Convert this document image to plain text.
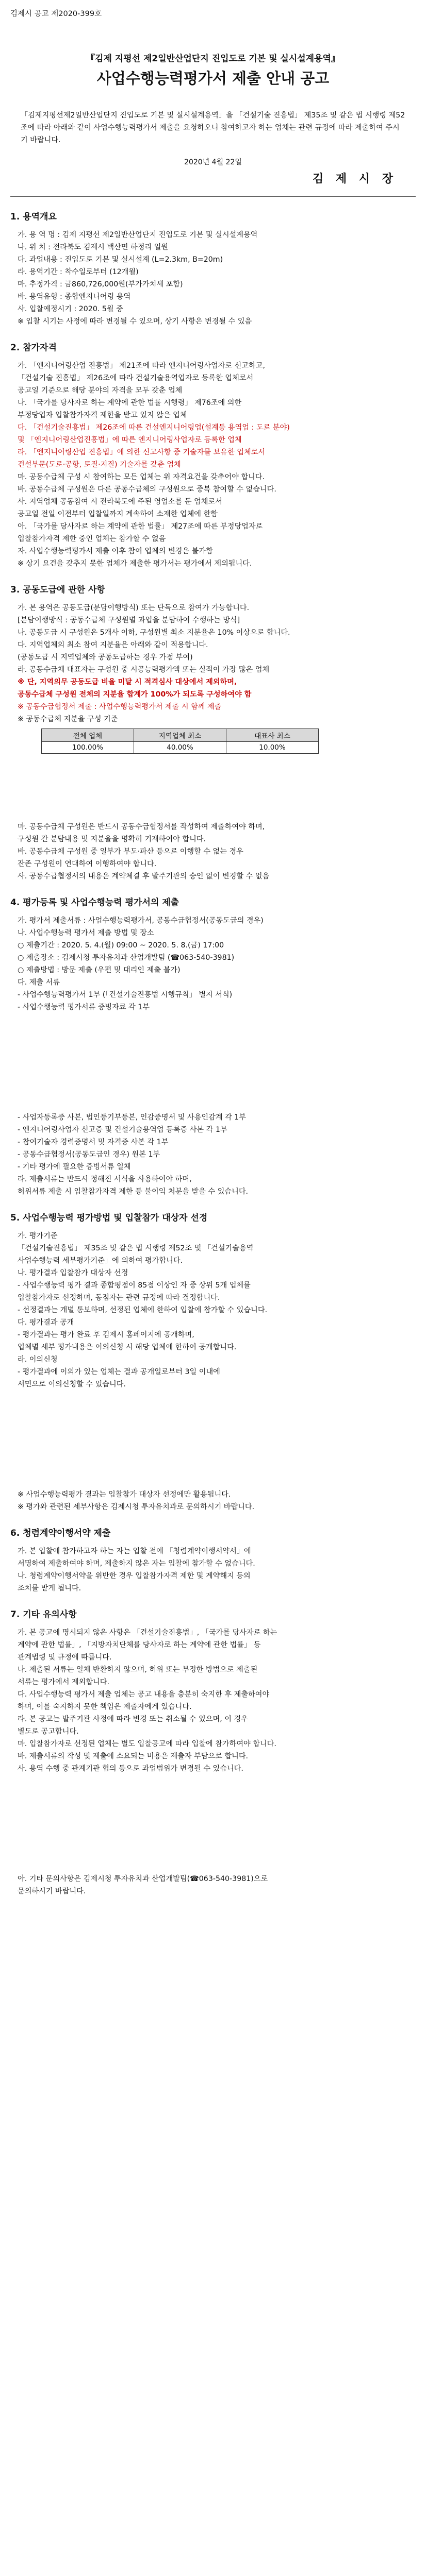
김제시 공고 제2020-399호

『김제 지평선 제2일반산업단지 진입도로 기본 및 실시설계용역』

사업수행능력평가서 제출 안내 공고

「김제지평선제2일반산업단지 진입도로 기본 및 실시설계용역」을 「건설기술 진흥법」 제35조 및 같은 법 시행령 제52조에 따라 아래와 같이 사업수행능력평가서 제출을 요청하오니 참여하고자 하는 업체는 관련 규정에 따라 제출하여 주시기 바랍니다.

2020년 4월 22일
김 제 시 장
1. 용역개요
가. 용 역 명 : 김제 지평선 제2일반산업단지 진입도로 기본 및 실시설계용역
나. 위 치 : 전라북도 김제시 백산면 하정리 일원
다. 과업내용 : 진입도로 기본 및 실시설계 (L=2.3km, B=20m)
라. 용역기간 : 착수일로부터 (12개월)
마. 추정가격 : 금860,726,000원(부가가치세 포함)
바. 용역유형 : 종합엔지니어링 용역
사. 입찰예정시기 : 2020. 5월 중
※ 입찰 시기는 사정에 따라 변경될 수 있으며, 상기 사항은 변경될 수 있음
2. 참가자격
가. 「엔지니어링산업 진흥법」 제21조에 따라 엔지니어링사업자로 신고하고,
「건설기술 진흥법」 제26조에 따라 건설기술용역업자로 등록한 업체로서
공고일 기준으로 해당 분야의 자격을 모두 갖춘 업체
나. 「국가를 당사자로 하는 계약에 관한 법률 시행령」 제76조에 의한
부정당업자 입찰참가자격 제한을 받고 있지 않은 업체
다. 「건설기술진흥법」 제26조에 따른 건설엔지니어링업(설계등 용역업 : 도로 분야)
및 「엔지니어링산업진흥법」에 따른 엔지니어링사업자로 등록한 업체
라. 「엔지니어링산업 진흥법」에 의한 신고사항 중 기술자를 보유한 업체로서
건설부문(도로·공항, 토질·지질) 기술자를 갖춘 업체
마. 공동수급체 구성 시 참여하는 모든 업체는 위 자격요건을 갖추어야 합니다.
바. 공동수급체 구성원은 다른 공동수급체의 구성원으로 중복 참여할 수 없습니다.
사. 지역업체 공동참여 시 전라북도에 주된 영업소를 둔 업체로서
공고일 전일 이전부터 입찰일까지 계속하여 소재한 업체에 한함
아. 「국가를 당사자로 하는 계약에 관한 법률」 제27조에 따른 부정당업자로
입찰참가자격 제한 중인 업체는 참가할 수 없음
자. 사업수행능력평가서 제출 이후 참여 업체의 변경은 불가함
※ 상기 요건을 갖추지 못한 업체가 제출한 평가서는 평가에서 제외됩니다.
3. 공동도급에 관한 사항
가. 본 용역은 공동도급(분담이행방식) 또는 단독으로 참여가 가능합니다.
[분담이행방식 : 공동수급체 구성원별 과업을 분담하여 수행하는 방식]
나. 공동도급 시 구성원은 5개사 이하, 구성원별 최소 지분율은 10% 이상으로 합니다.
다. 지역업체의 최소 참여 지분율은 아래와 같이 적용합니다.
(공동도급 시 지역업체와 공동도급하는 경우 가점 부여)
라. 공동수급체 대표자는 구성원 중 시공능력평가액 또는 실적이 가장 많은 업체
※ 단, 지역의무 공동도급 비율 미달 시 적격심사 대상에서 제외하며,
공동수급체 구성원 전체의 지분율 합계가 100%가 되도록 구성하여야 함
※ 공동수급협정서 제출 : 사업수행능력평가서 제출 시 함께 제출
※ 공동수급체 지분율 구성 기준
전체 업체	지역업체 최소	대표사 최소
100.00%	40.00%	10.00%
마. 공동수급체 구성원은 반드시 공동수급협정서를 작성하여 제출하여야 하며,
구성원 간 분담내용 및 지분율을 명확히 기재하여야 합니다.
바. 공동수급체 구성원 중 일부가 부도·파산 등으로 이행할 수 없는 경우
잔존 구성원이 연대하여 이행하여야 합니다.
사. 공동수급협정서의 내용은 계약체결 후 발주기관의 승인 없이 변경할 수 없음
4. 평가등록 및 사업수행능력 평가서의 제출
가. 평가서 제출서류 : 사업수행능력평가서, 공동수급협정서(공동도급의 경우)
나. 사업수행능력 평가서 제출 방법 및 장소
○ 제출기간 : 2020. 5. 4.(월) 09:00 ~ 2020. 5. 8.(금) 17:00
○ 제출장소 : 김제시청 투자유치과 산업개발팀 (☎063-540-3981)
○ 제출방법 : 방문 제출 (우편 및 대리인 제출 불가)
다. 제출 서류
- 사업수행능력평가서 1부 (「건설기술진흥법 시행규칙」 별지 서식)
- 사업수행능력 평가서류 증빙자료 각 1부
- 사업자등록증 사본, 법인등기부등본, 인감증명서 및 사용인감계 각 1부
- 엔지니어링사업자 신고증 및 건설기술용역업 등록증 사본 각 1부
- 참여기술자 경력증명서 및 자격증 사본 각 1부
- 공동수급협정서(공동도급인 경우) 원본 1부
- 기타 평가에 필요한 증빙서류 일체
라. 제출서류는 반드시 정해진 서식을 사용하여야 하며,
허위서류 제출 시 입찰참가자격 제한 등 불이익 처분을 받을 수 있습니다.
5. 사업수행능력 평가방법 및 입찰참가 대상자 선정
가. 평가기준
「건설기술진흥법」 제35조 및 같은 법 시행령 제52조 및 「건설기술용역
사업수행능력 세부평가기준」에 의하여 평가합니다.
나. 평가결과 입찰참가 대상자 선정
- 사업수행능력 평가 결과 종합평점이 85점 이상인 자 중 상위 5개 업체를
입찰참가자로 선정하며, 동점자는 관련 규정에 따라 결정합니다.
- 선정결과는 개별 통보하며, 선정된 업체에 한하여 입찰에 참가할 수 있습니다.
다. 평가결과 공개
- 평가결과는 평가 완료 후 김제시 홈페이지에 공개하며,
업체별 세부 평가내용은 이의신청 시 해당 업체에 한하여 공개합니다.
라. 이의신청
- 평가결과에 이의가 있는 업체는 결과 공개일로부터 3일 이내에
서면으로 이의신청할 수 있습니다.
※ 사업수행능력평가 결과는 입찰참가 대상자 선정에만 활용됩니다.
※ 평가와 관련된 세부사항은 김제시청 투자유치과로 문의하시기 바랍니다.
6. 청렴계약이행서약 제출
가. 본 입찰에 참가하고자 하는 자는 입찰 전에 「청렴계약이행서약서」에
서명하여 제출하여야 하며, 제출하지 않은 자는 입찰에 참가할 수 없습니다.
나. 청렴계약이행서약을 위반한 경우 입찰참가자격 제한 및 계약해지 등의
조치를 받게 됩니다.
7. 기타 유의사항
가. 본 공고에 명시되지 않은 사항은 「건설기술진흥법」, 「국가를 당사자로 하는
계약에 관한 법률」, 「지방자치단체를 당사자로 하는 계약에 관한 법률」 등
관계법령 및 규정에 따릅니다.
나. 제출된 서류는 일체 반환하지 않으며, 허위 또는 부정한 방법으로 제출된
서류는 평가에서 제외합니다.
다. 사업수행능력 평가서 제출 업체는 공고 내용을 충분히 숙지한 후 제출하여야
하며, 이를 숙지하지 못한 책임은 제출자에게 있습니다.
라. 본 공고는 발주기관 사정에 따라 변경 또는 취소될 수 있으며, 이 경우
별도로 공고합니다.
마. 입찰참가자로 선정된 업체는 별도 입찰공고에 따라 입찰에 참가하여야 합니다.
바. 제출서류의 작성 및 제출에 소요되는 비용은 제출자 부담으로 합니다.
사. 용역 수행 중 관계기관 협의 등으로 과업범위가 변경될 수 있습니다.
아. 기타 문의사항은 김제시청 투자유치과 산업개발팀(☎063-540-3981)으로
문의하시기 바랍니다.
